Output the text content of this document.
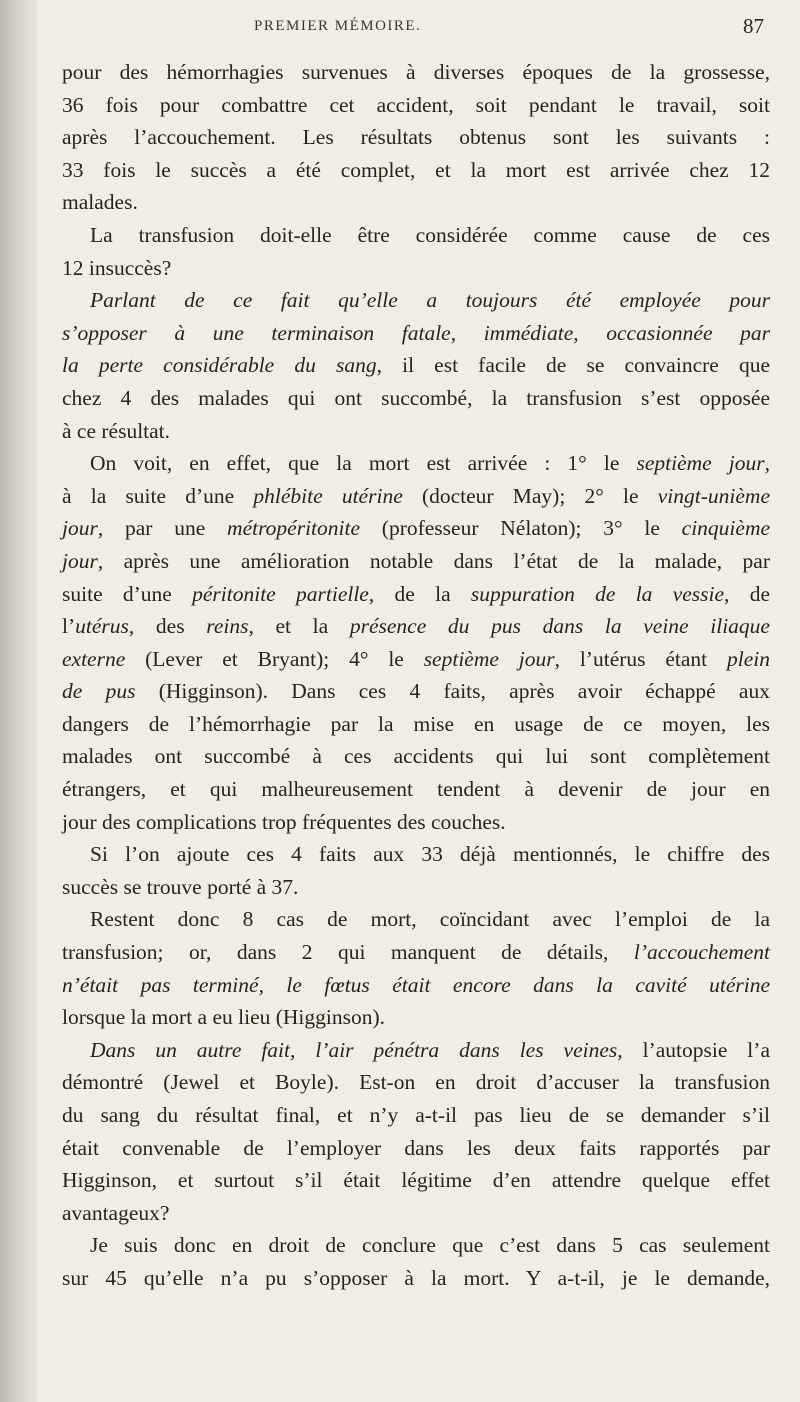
PREMIER MÉMOIRE.	87
pour des hémorrhagies survenues à diverses époques de la grossesse,
36 fois pour combattre cet accident, soit pendant le travail, soit
après l’accouchement. Les résultats obtenus sont les suivants :
33 fois le succès a été complet, et la mort est arrivée chez 12
malades.
La transfusion doit-elle être considérée comme cause de ces
12 insuccès?
Parlant de ce fait qu’elle a toujours été employée pour
s’opposer à une terminaison fatale, immédiate, occasionnée par
la perte considérable du sang, il est facile de se convaincre que
chez 4 des malades qui ont succombé, la transfusion s’est opposée
à ce résultat.
On voit, en effet, que la mort est arrivée : 1° le septième jour,
à la suite d’une phlébite utérine (docteur May); 2° le vingt-unième
jour, par une métropéritonite (professeur Nélaton); 3° le cinquième
jour, après une amélioration notable dans l’état de la malade, par
suite d’une péritonite partielle, de la suppuration de la vessie, de
l’utérus, des reins, et la présence du pus dans la veine iliaque
externe (Lever et Bryant); 4° le septième jour, l’utérus étant plein
de pus (Higginson). Dans ces 4 faits, après avoir échappé aux
dangers de l’hémorrhagie par la mise en usage de ce moyen, les
malades ont succombé à ces accidents qui lui sont complètement
étrangers, et qui malheureusement tendent à devenir de jour en
jour des complications trop fréquentes des couches.
Si l’on ajoute ces 4 faits aux 33 déjà mentionnés, le chiffre des
succès se trouve porté à 37.
Restent donc 8 cas de mort, coïncidant avec l’emploi de la
transfusion; or, dans 2 qui manquent de détails, l’accouchement
n’était pas terminé, le fœtus était encore dans la cavité utérine
lorsque la mort a eu lieu (Higginson).
Dans un autre fait, l’air pénétra dans les veines, l’autopsie l’a
démontré (Jewel et Boyle). Est-on en droit d’accuser la transfusion
du sang du résultat final, et n’y a-t-il pas lieu de se demander s’il
était convenable de l’employer dans les deux faits rapportés par
Higginson, et surtout s’il était légitime d’en attendre quelque effet
avantageux?
Je suis donc en droit de conclure que c’est dans 5 cas seulement
sur 45 qu’elle n’a pu s’opposer à la mort. Y a-t-il, je le demande,
